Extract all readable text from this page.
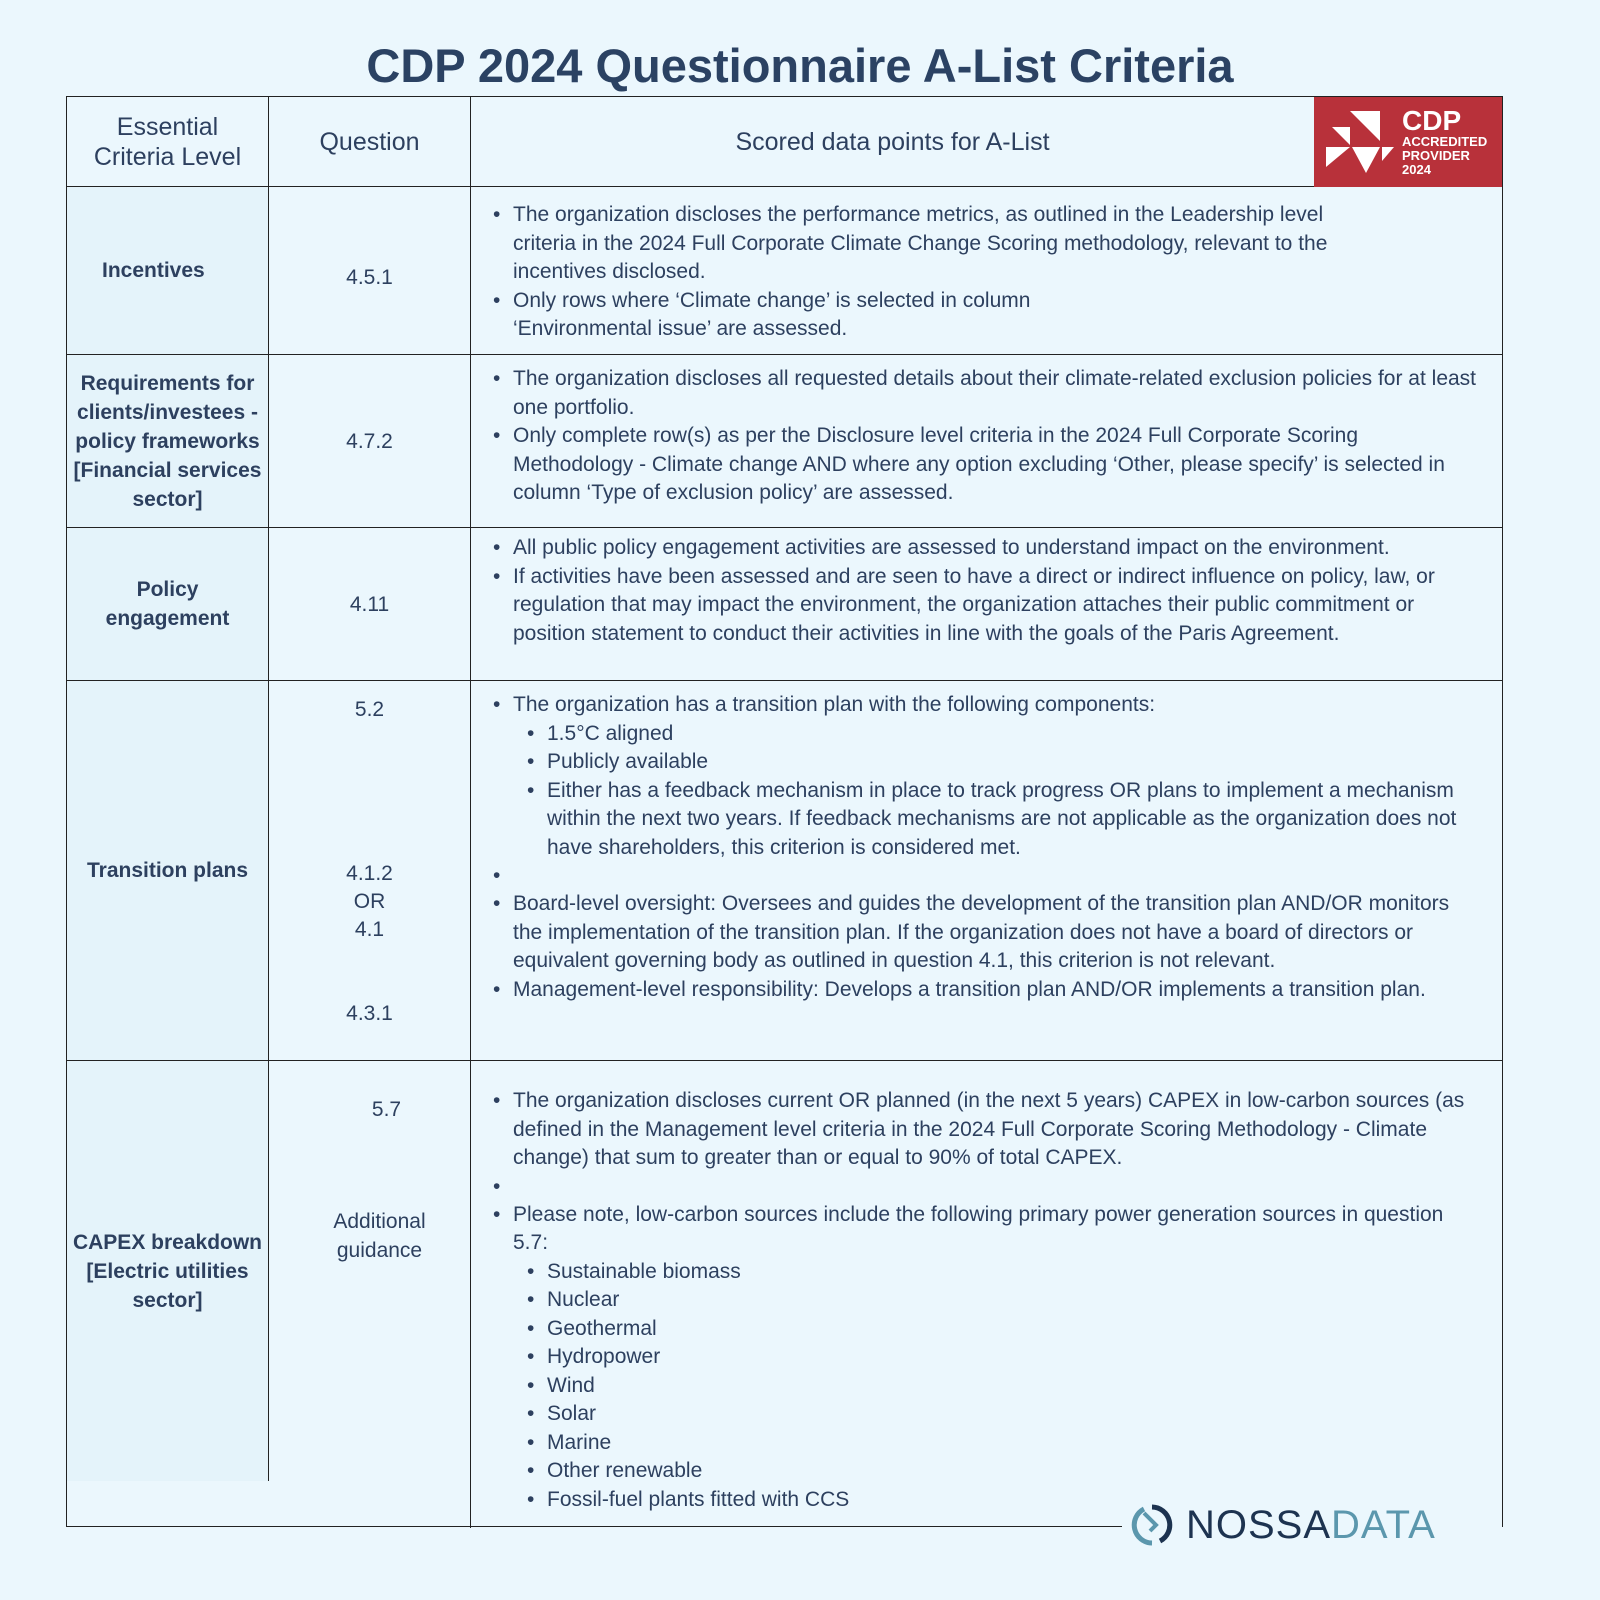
CDP 2024 Questionnaire A-List Criteria
Essential Criteria Level
Question	Scored data points for A-List
CDP
ACCREDITED
PROVIDER
2024
Incentives	4.5.1
• The organization discloses the performance metrics, as outlined in the Leadership level criteria in the 2024 Full Corporate Climate Change Scoring methodology, relevant to the incentives disclosed.
• Only rows where ‘Climate change’ is selected in column ‘Environmental issue’ are assessed.
Requirements for clients/investees - policy frameworks [Financial services sector]
4.7.2
• The organization discloses all requested details about their climate-related exclusion policies for at least one portfolio.
• Only complete row(s) as per the Disclosure level criteria in the 2024 Full Corporate Scoring Methodology - Climate change AND where any option excluding ‘Other, please specify’ is selected in column ‘Type of exclusion policy’ are assessed.
Policy engagement
4.11
• All public policy engagement activities are assessed to understand impact on the environment.
• If activities have been assessed and are seen to have a direct or indirect influence on policy, law, or regulation that may impact the environment, the organization attaches their public commitment or position statement to conduct their activities in line with the goals of the Paris Agreement.
Transition plans
5.2
4.1.2
OR
4.1
4.3.1
• The organization has a transition plan with the following components:
• 1.5°C aligned
• Publicly available
• Either has a feedback mechanism in place to track progress OR plans to implement a mechanism within the next two years. If feedback mechanisms are not applicable as the organization does not have shareholders, this criterion is considered met.
•
• Board-level oversight: Oversees and guides the development of the transition plan AND/OR monitors the implementation of the transition plan. If the organization does not have a board of directors or equivalent governing body as outlined in question 4.1, this criterion is not relevant.
• Management-level responsibility: Develops a transition plan AND/OR implements a transition plan.
CAPEX breakdown [Electric utilities sector]
5.7
Additional guidance
• The organization discloses current OR planned (in the next 5 years) CAPEX in low-carbon sources (as defined in the Management level criteria in the 2024 Full Corporate Scoring Methodology - Climate change) that sum to greater than or equal to 90% of total CAPEX.
•
• Please note, low-carbon sources include the following primary power generation sources in question 5.7:
• Sustainable biomass
• Nuclear
• Geothermal
• Hydropower
• Wind
• Solar
• Marine
• Other renewable
• Fossil-fuel plants fitted with CCS
NOSSA DATA
